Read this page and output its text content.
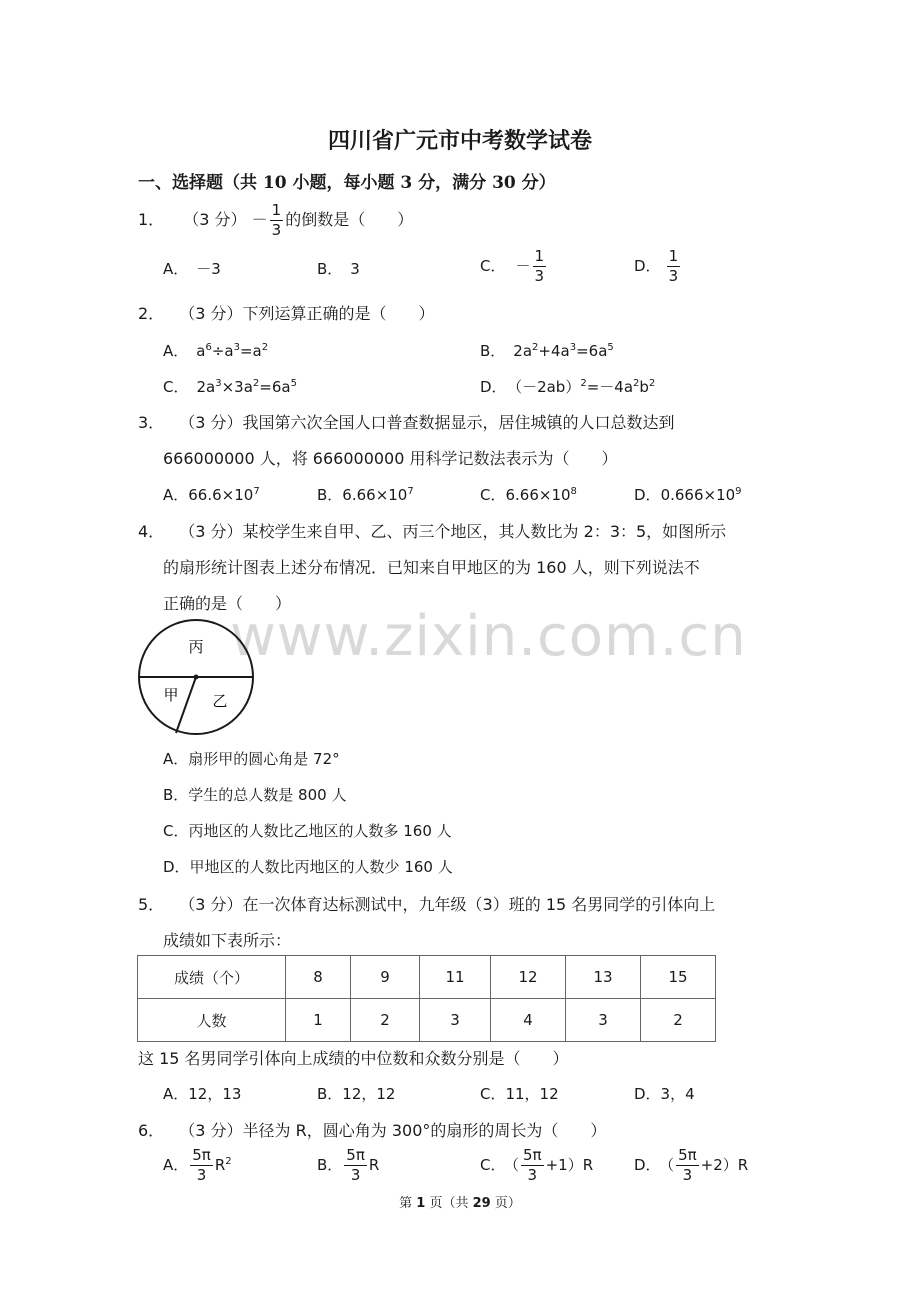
四川省广元市中考数学试卷
一、选择题（共 10 小题，每小题 3 分，满分 30 分）
1． （3 分） － $\frac{1}{3}$ 的倒数是（　　）
A． －3	B． 3	C． － $\frac{1}{3}$	D． $\frac{1}{3}$
2． （3 分）下列运算正确的是（　　）
A． $a^6\div a^3=a^2$	B． $2a^2+4a^3=6a^5$
C． $2a^3\times 3a^2=6a^5$	D． $(-2ab)^2=-4a^2b^2$
3． （3 分）我国第六次全国人口普查数据显示，居住城镇的人口总数达到
666000000 人，将 666000000 用科学记数法表示为（　　）
A．$66.6\times 10^7$	B．$6.66\times 10^7$	C．$6.66\times 10^8$	D．$0.666\times 10^9$
4． （3 分）某校学生来自甲、乙、丙三个地区，其人数比为 2：3：5，如图所示
的扇形统计图表上述分布情况．已知来自甲地区的为 160 人，则下列说法不
正确的是（　　）
www.zixin.com.cn
丙
甲 乙
A．扇形甲的圆心角是 72°
B．学生的总人数是 800 人
C．丙地区的人数比乙地区的人数多 160 人
D．甲地区的人数比丙地区的人数少 160 人
5． （3 分）在一次体育达标测试中，九年级（3）班的 15 名男同学的引体向上
成绩如下表所示：
成绩（个）	8	9	11	12	13	15
人数	1	2	3	4	3	2
这 15 名男同学引体向上成绩的中位数和众数分别是（　　）
A．12，13	B．12，12	C．11，12	D．3，4
6． （3 分）半径为 R，圆心角为 300°的扇形的周长为（　　）
A． $\frac{5\pi}{3} R^2$	B． $\frac{5\pi}{3}$ R	C． （ $\frac{5\pi}{3} +1)R$	D． （ $\frac{5\pi}{3} +2)R$
第 1 页（共 29 页）
